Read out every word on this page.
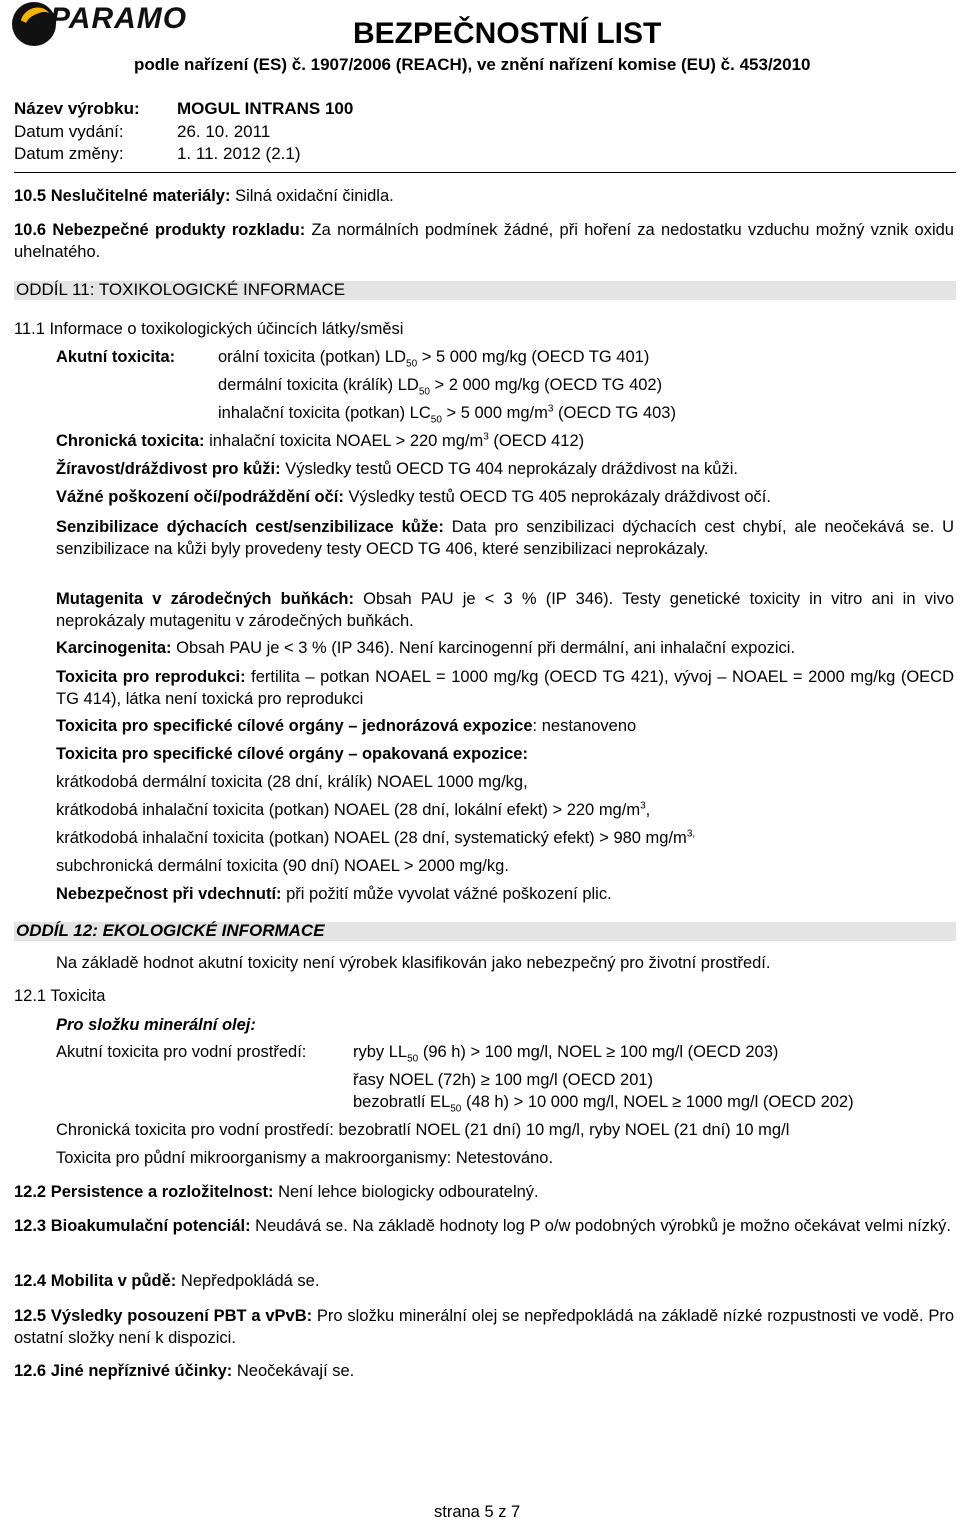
PARAMO	BEZPEČNOSTNÍ LIST
podle nařízení (ES) č. 1907/2006 (REACH), ve znění nařízení komise (EU) č. 453/2010
Název výrobku: MOGUL INTRANS 100
Datum vydání:	26. 10. 2011
Datum změny:	1. 11. 2012 (2.1)
10.5 Neslučitelné materiály: Silná oxidační činidla.
10.6 Nebezpečné produkty rozkladu: Za normálních podmínek žádné, při hoření za nedostatku vzduchu možný vznik oxidu uhelnatého.
ODDÍL 11: TOXIKOLOGICKÉ INFORMACE
11.1 Informace o toxikologických účincích látky/směsi
Akutní toxicita:	orální toxicita (potkan) $LD_{50} > 5$ 000 mg/kg (OECD TG 401)
dermální toxicita (králík) $LD_{50} > 2$ 000 mg/kg (OECD TG 402)
inhalační toxicita (potkan) $LC_{50} > 5$ 000 $mg/m^3$ (OECD TG 403)
Chronická toxicita: inhalační toxicita NOAEL > 220 $mg/m^3$ (OECD 412)
Žíravost/dráždivost pro kůži: Výsledky testů OECD TG 404 neprokázaly dráždivost na kůži.
Vážné poškození očí/podráždění očí: Výsledky testů OECD TG 405 neprokázaly dráždivost očí.
Senzibilizace dýchacích cest/senzibilizace kůže: Data pro senzibilizaci dýchacích cest chybí, ale neočekává se. U senzibilizace na kůži byly provedeny testy OECD TG 406, které senzibilizaci neprokázaly.
Mutagenita v zárodečných buňkách: Obsah PAU je < 3 % (IP 346). Testy genetické toxicity in vitro ani in vivo neprokázaly mutagenitu v zárodečných buňkách.
Karcinogenita: Obsah PAU je < 3 % (IP 346). Není karcinogenní při dermální, ani inhalační expozici.
Toxicita pro reprodukci: fertilita – potkan NOAEL = 1000 mg/kg (OECD TG 421), vývoj – NOAEL = 2000 mg/kg (OECD TG 414), látka není toxická pro reprodukci
Toxicita pro specifické cílové orgány – jednorázová expozice: nestanoveno
Toxicita pro specifické cílové orgány – opakovaná expozice:
krátkodobá dermální toxicita (28 dní, králík) NOAEL 1000 mg/kg,
krátkodobá inhalační toxicita (potkan) NOAEL (28 dní, lokální efekt) > 220 $mg/m^3$,
krátkodobá inhalační toxicita (potkan) NOAEL (28 dní, systematický efekt) > 980 $mg/m^{3,}$
subchronická dermální toxicita (90 dní) NOAEL > 2000 mg/kg.
Nebezpečnost při vdechnutí: při požití může vyvolat vážné poškození plic.
ODDÍL 12: EKOLOGICKÉ INFORMACE
Na základě hodnot akutní toxicity není výrobek klasifikován jako nebezpečný pro životní prostředí.
12.1 Toxicita
Pro složku minerální olej:
Akutní toxicita pro vodní prostředí:	ryby $LL_{50}$ (96 h) > 100 mg/l, NOEL ≥ 100 mg/l (OECD 203)
řasy NOEL (72h) ≥ 100 mg/l (OECD 201)
bezobratlí $EL_{50}$ (48 h) > 10 000 mg/l, NOEL ≥ 1000 mg/l (OECD 202)
Chronická toxicita pro vodní prostředí: bezobratlí NOEL (21 dní) 10 mg/l, ryby NOEL (21 dní) 10 mg/l
Toxicita pro půdní mikroorganismy a makroorganismy: Netestováno.
12.2 Persistence a rozložitelnost: Není lehce biologicky odbouratelný.
12.3 Bioakumulační potenciál: Neudává se. Na základě hodnoty log P o/w podobných výrobků je možno očekávat velmi nízký.
12.4 Mobilita v půdě: Nepředpokládá se.
12.5 Výsledky posouzení PBT a vPvB: Pro složku minerální olej se nepředpokládá na základě nízké rozpustnosti ve vodě. Pro ostatní složky není k dispozici.
12.6 Jiné nepříznivé účinky: Neočekávají se.
strana 5 z 7
